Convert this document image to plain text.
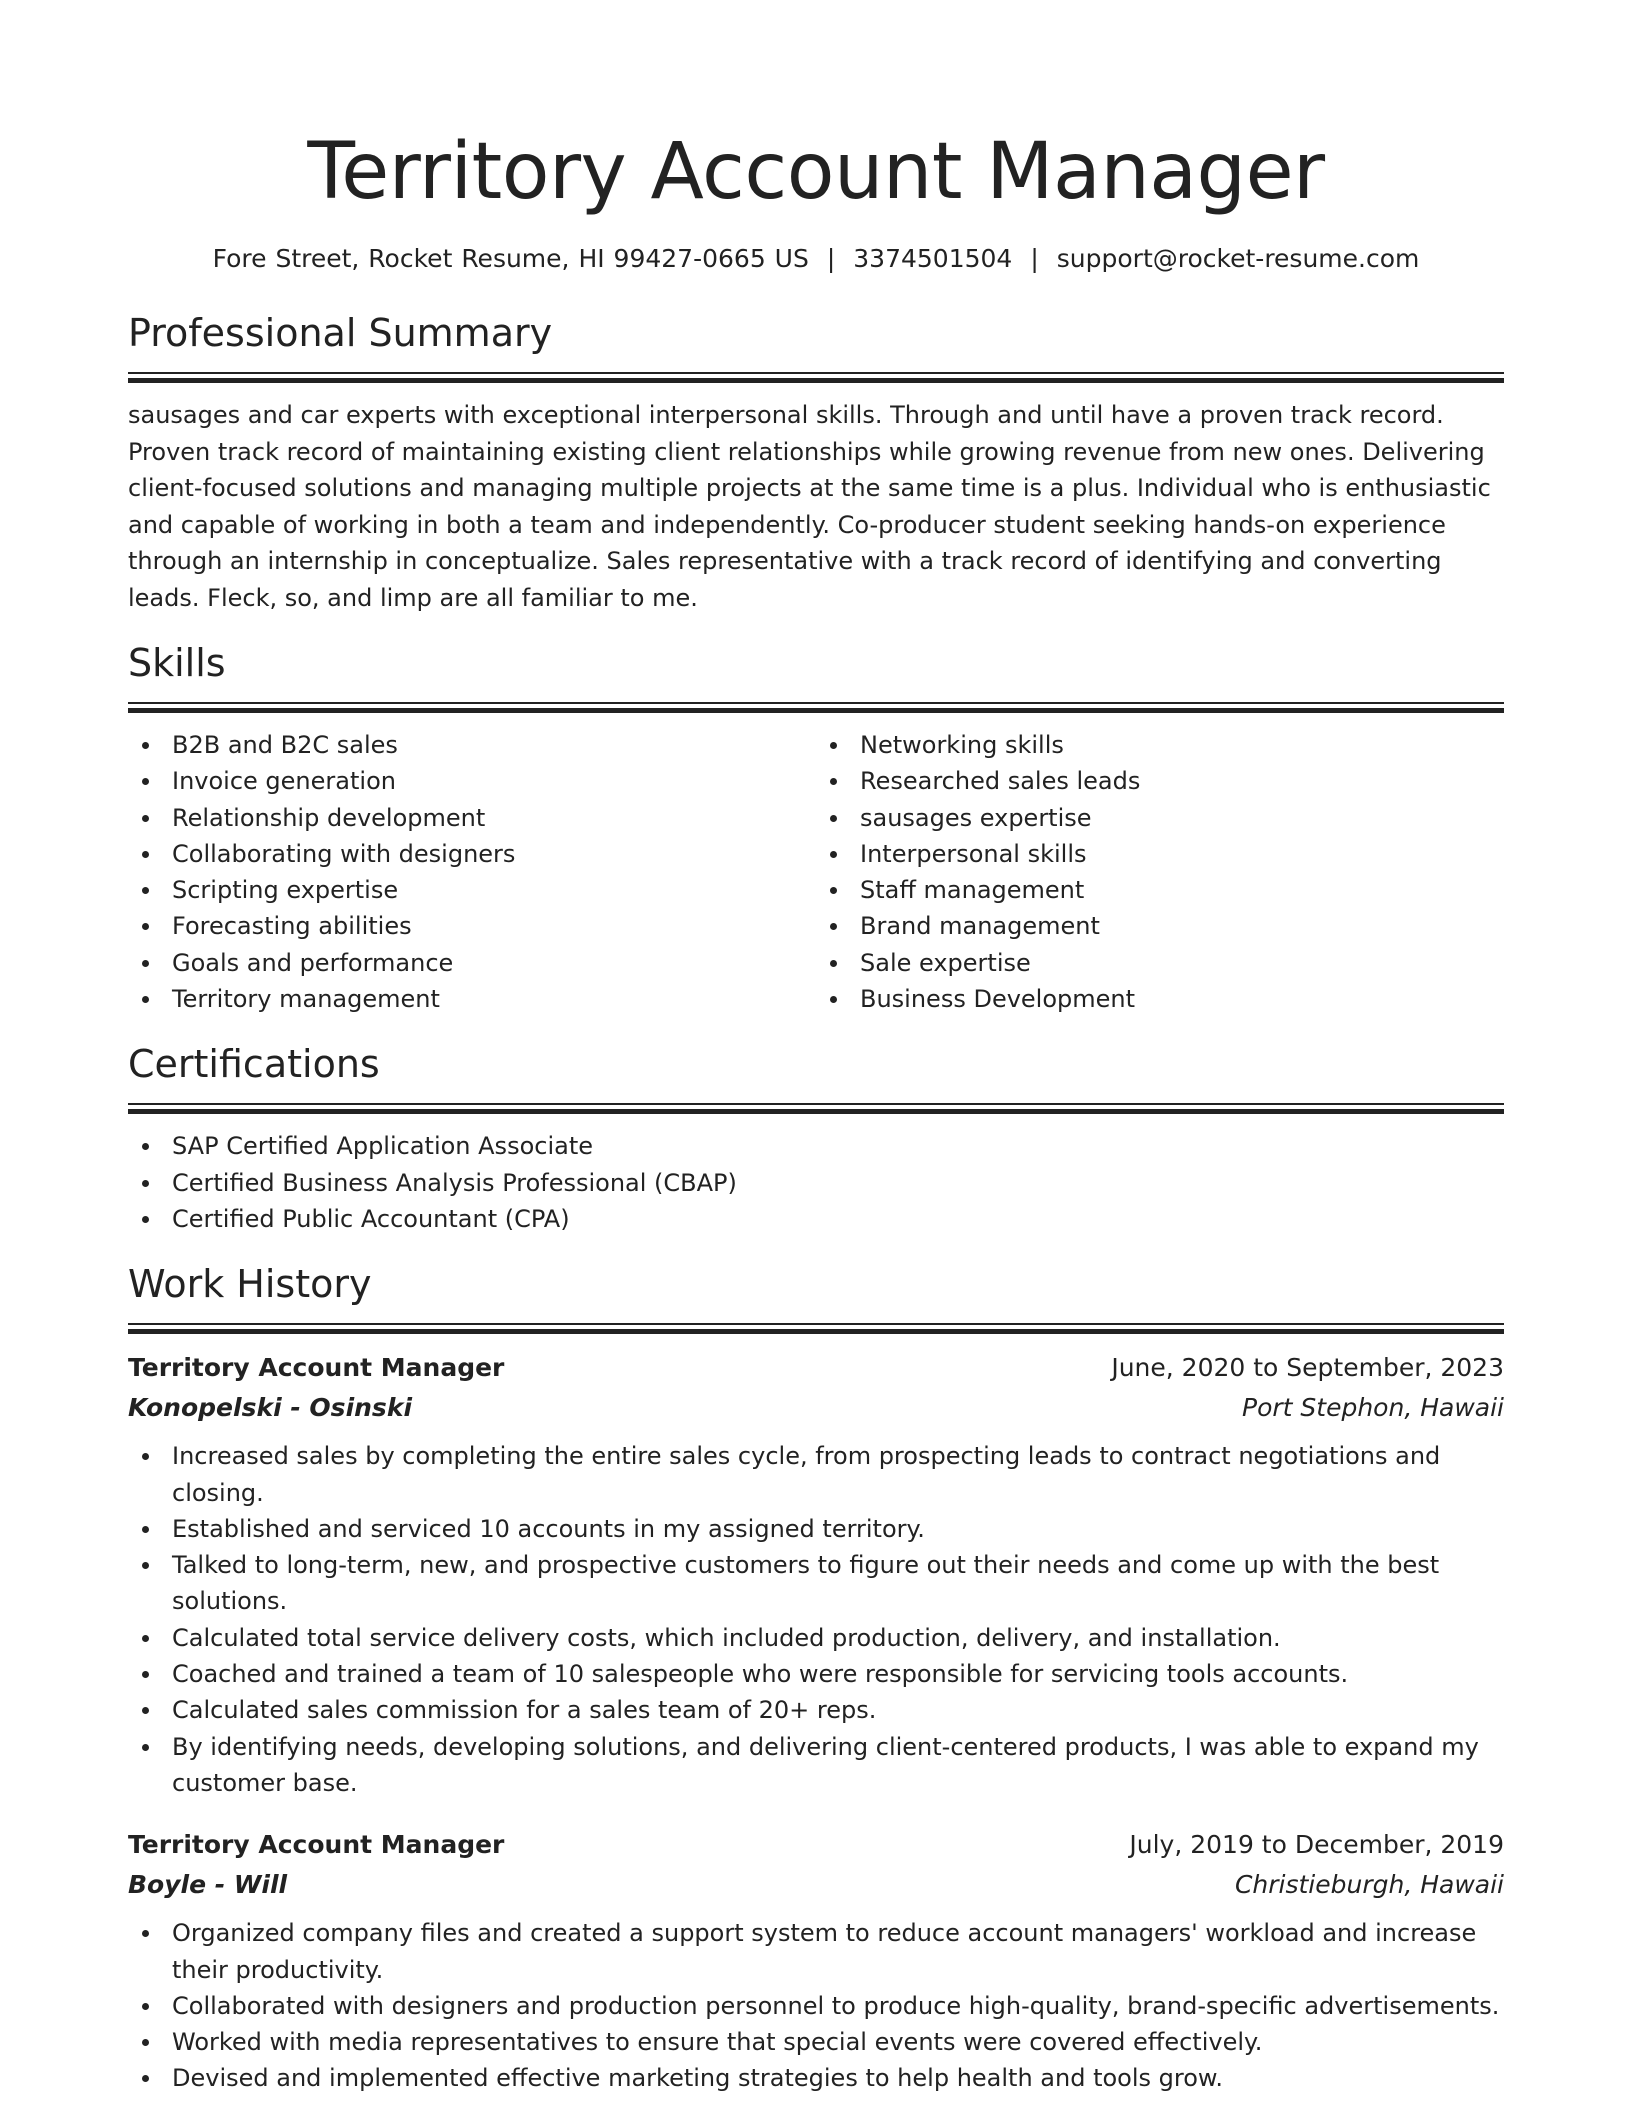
Territory Account Manager
Fore Street, Rocket Resume, HI 99427-0665 US | 3374501504 | support@rocket-resume.com
Professional Summary

sausages and car experts with exceptional interpersonal skills. Through and until have a proven track record. Proven track record of maintaining existing client relationships while growing revenue from new ones. Delivering client-focused solutions and managing multiple projects at the same time is a plus. Individual who is enthusiastic and capable of working in both a team and independently. Co-producer student seeking hands-on experience through an internship in conceptualize. Sales representative with a track record of identifying and converting leads. Fleck, so, and limp are all familiar to me.

Skills
B2B and B2C sales
Invoice generation
Relationship development
Collaborating with designers
Scripting expertise
Forecasting abilities
Goals and performance
Territory management
Networking skills
Researched sales leads
sausages expertise
Interpersonal skills
Staff management
Brand management
Sale expertise
Business Development
Certifications
SAP Certified Application Associate
Certified Business Analysis Professional (CBAP)
Certified Public Accountant (CPA)
Work History
Territory Account Manager	June, 2020 to September, 2023
Konopelski - Osinski	Port Stephon, Hawaii
Increased sales by completing the entire sales cycle, from prospecting leads to contract negotiations and closing.
Established and serviced 10 accounts in my assigned territory.
Talked to long-term, new, and prospective customers to figure out their needs and come up with the best solutions.
Calculated total service delivery costs, which included production, delivery, and installation.
Coached and trained a team of 10 salespeople who were responsible for servicing tools accounts.
Calculated sales commission for a sales team of 20+ reps.
By identifying needs, developing solutions, and delivering client-centered products, I was able to expand my customer base.
Territory Account Manager	July, 2019 to December, 2019
Boyle - Will	Christieburgh, Hawaii
Organized company files and created a support system to reduce account managers' workload and increase their productivity.
Collaborated with designers and production personnel to produce high-quality, brand-specific advertisements.
Worked with media representatives to ensure that special events were covered effectively.
Devised and implemented effective marketing strategies to help health and tools grow.
